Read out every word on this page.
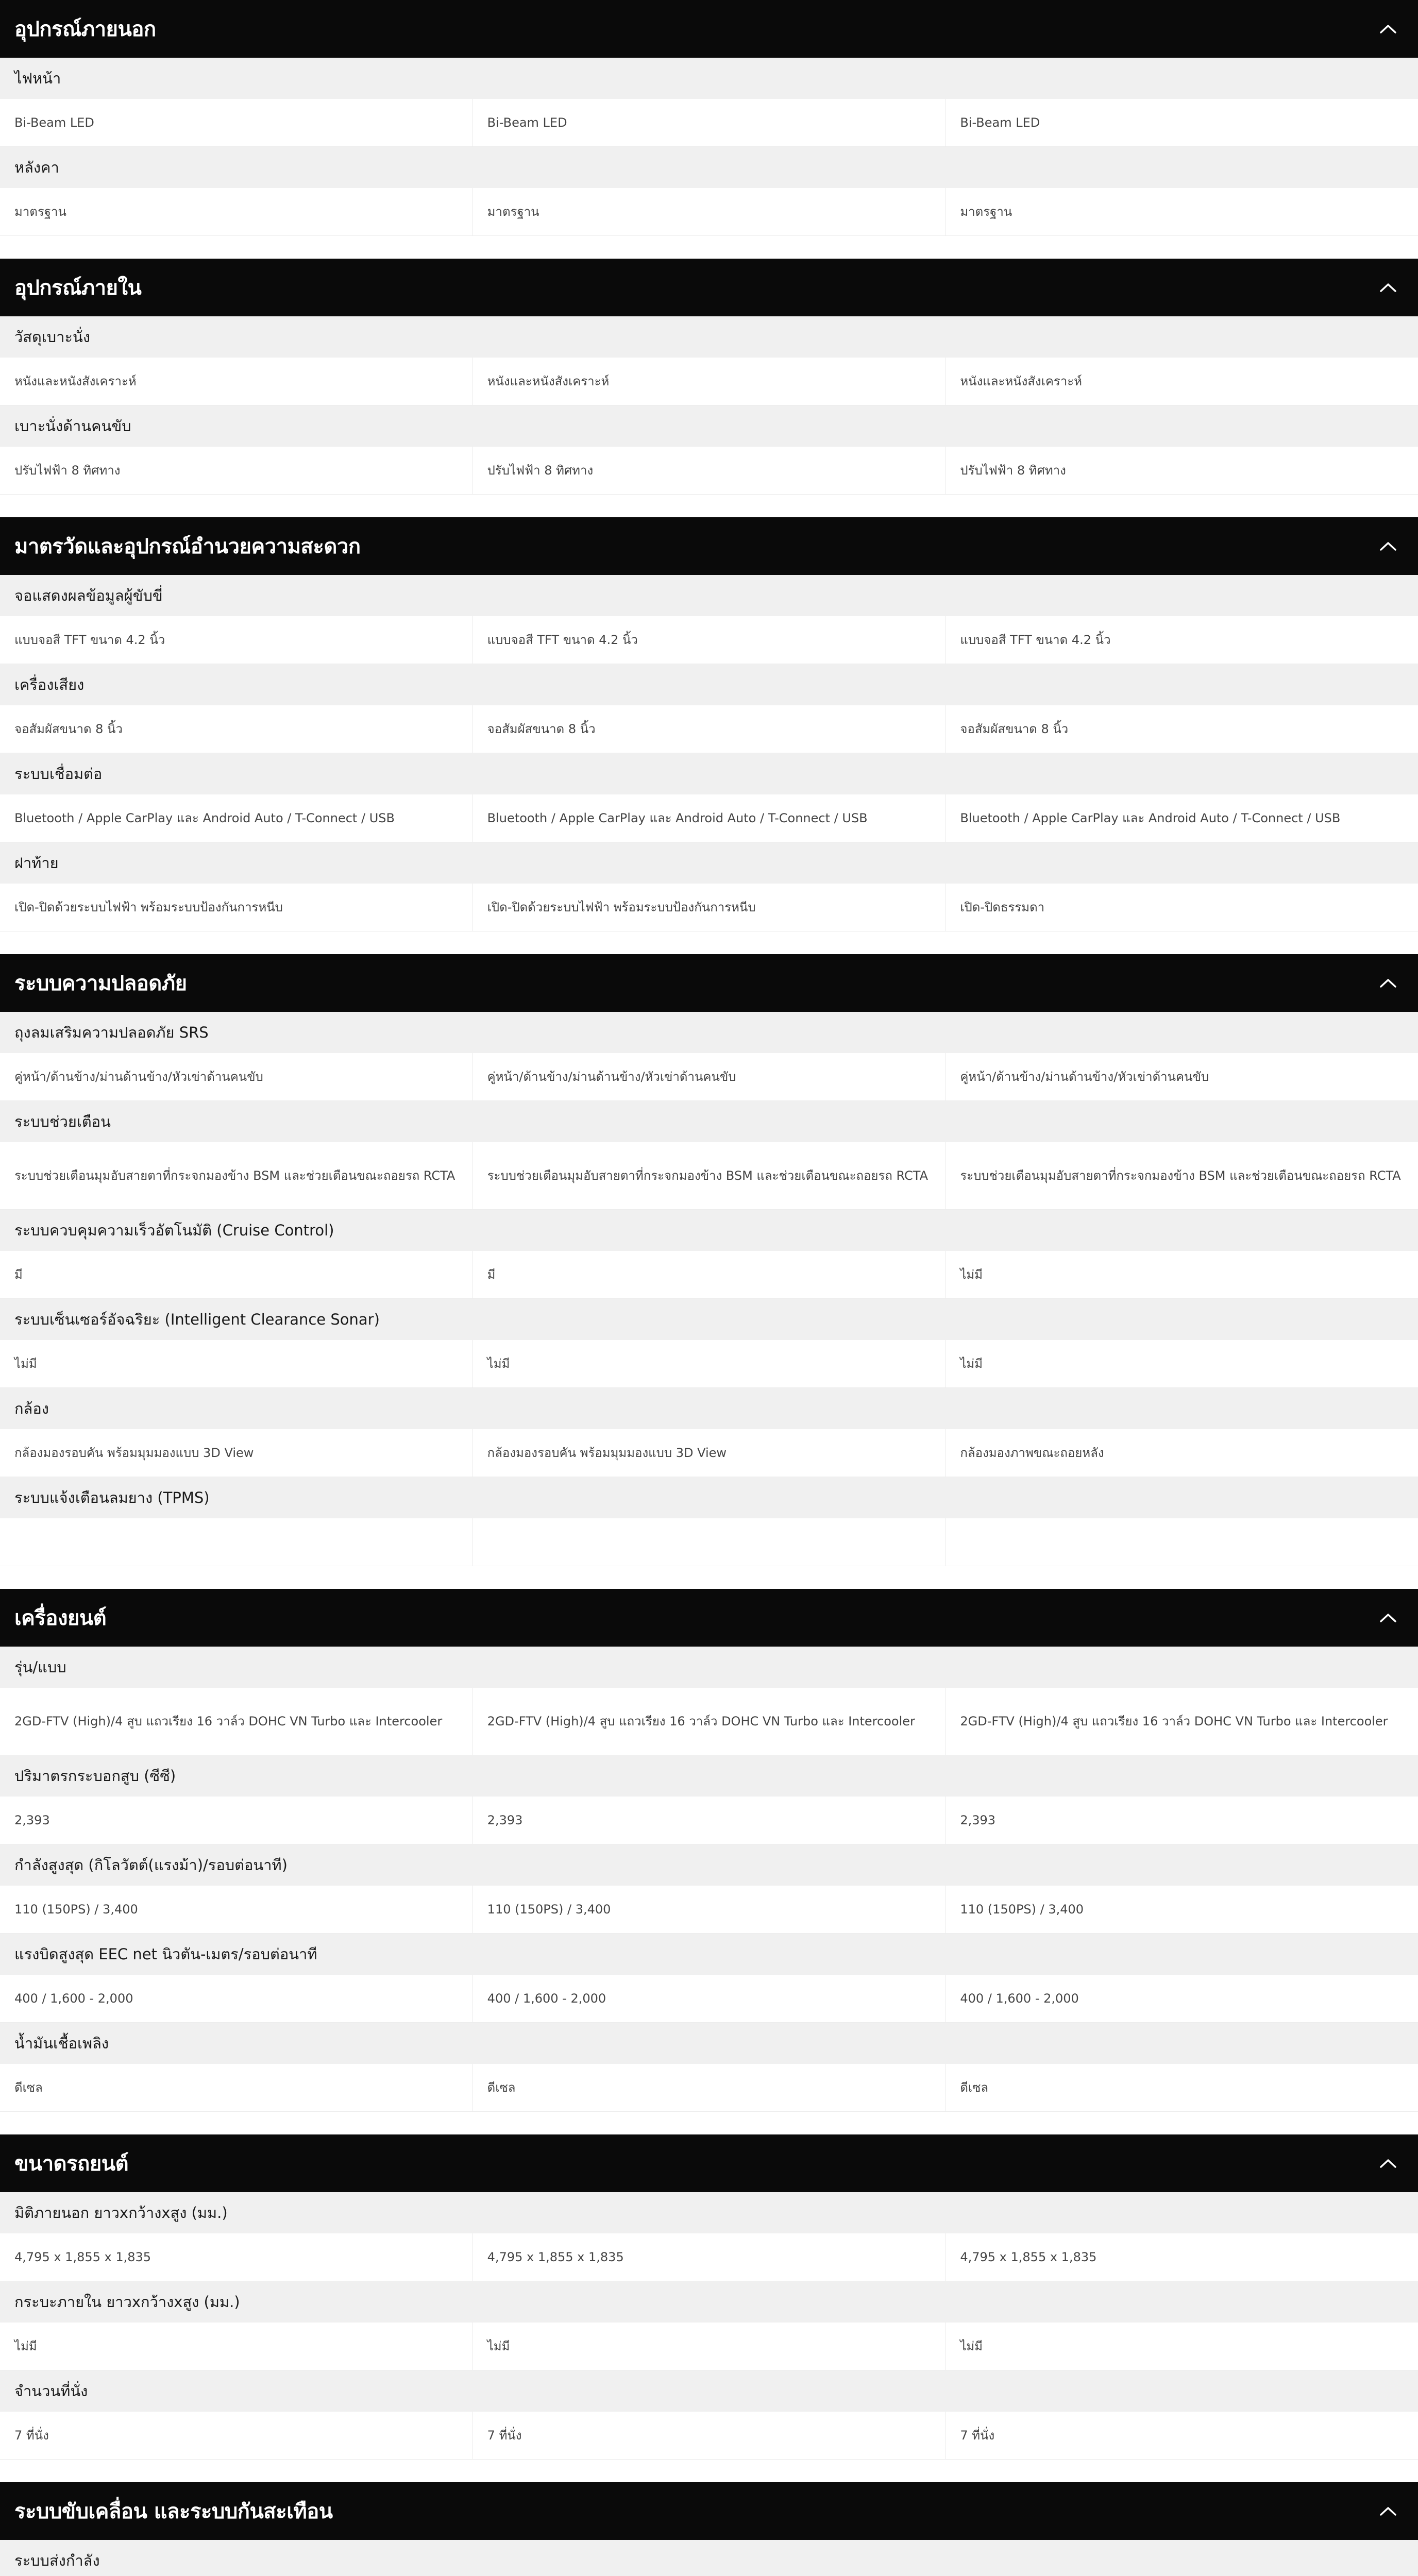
อุปกรณ์ภายนอก
ไฟหน้า
Bi-Beam LED	Bi-Beam LED	Bi-Beam LED
หลังคา
มาตรฐาน	มาตรฐาน	มาตรฐาน
อุปกรณ์ภายใน
วัสดุเบาะนั่ง
หนังและหนังสังเคราะห์	หนังและหนังสังเคราะห์	หนังและหนังสังเคราะห์
เบาะนั่งด้านคนขับ
ปรับไฟฟ้า 8 ทิศทาง	ปรับไฟฟ้า 8 ทิศทาง	ปรับไฟฟ้า 8 ทิศทาง
มาตรวัดและอุปกรณ์อำนวยความสะดวก
จอแสดงผลข้อมูลผู้ขับขี่
แบบจอสี TFT ขนาด 4.2 นิ้ว	แบบจอสี TFT ขนาด 4.2 นิ้ว	แบบจอสี TFT ขนาด 4.2 นิ้ว
เครื่องเสียง
จอสัมผัสขนาด 8 นิ้ว	จอสัมผัสขนาด 8 นิ้ว	จอสัมผัสขนาด 8 นิ้ว
ระบบเชื่อมต่อ
Bluetooth / Apple CarPlay และ Android Auto / T-Connect / USB	Bluetooth / Apple CarPlay และ Android Auto / T-Connect / USB	Bluetooth / Apple CarPlay และ Android Auto / T-Connect / USB
ฝาท้าย
เปิด-ปิดด้วยระบบไฟฟ้า พร้อมระบบป้องกันการหนีบ	เปิด-ปิดด้วยระบบไฟฟ้า พร้อมระบบป้องกันการหนีบ	เปิด-ปิดธรรมดา
ระบบความปลอดภัย
ถุงลมเสริมความปลอดภัย SRS
คู่หน้า/ด้านข้าง/ม่านด้านข้าง/หัวเข่าด้านคนขับ	คู่หน้า/ด้านข้าง/ม่านด้านข้าง/หัวเข่าด้านคนขับ	คู่หน้า/ด้านข้าง/ม่านด้านข้าง/หัวเข่าด้านคนขับ
ระบบช่วยเตือน
ระบบช่วยเตือนมุมอับสายตาที่กระจกมองข้าง BSM และช่วยเตือนขณะถอยรถ RCTA	ระบบช่วยเตือนมุมอับสายตาที่กระจกมองข้าง BSM และช่วยเตือนขณะถอยรถ RCTA	ระบบช่วยเตือนมุมอับสายตาที่กระจกมองข้าง BSM และช่วยเตือนขณะถอยรถ RCTA
ระบบควบคุมความเร็วอัตโนมัติ (Cruise Control)
มี	มี	ไม่มี
ระบบเซ็นเซอร์อัจฉริยะ (Intelligent Clearance Sonar)
ไม่มี	ไม่มี	ไม่มี
กล้อง
กล้องมองรอบคัน พร้อมมุมมองแบบ 3D View	กล้องมองรอบคัน พร้อมมุมมองแบบ 3D View	กล้องมองภาพขณะถอยหลัง
ระบบแจ้งเตือนลมยาง (TPMS)
เครื่องยนต์
รุ่น/แบบ
2GD-FTV (High)/4 สูบ แถวเรียง 16 วาล์ว DOHC VN Turbo และ Intercooler	2GD-FTV (High)/4 สูบ แถวเรียง 16 วาล์ว DOHC VN Turbo และ Intercooler	2GD-FTV (High)/4 สูบ แถวเรียง 16 วาล์ว DOHC VN Turbo และ Intercooler
ปริมาตรกระบอกสูบ (ซีซี)
2,393	2,393	2,393
กำลังสูงสุด (กิโลวัตต์(แรงม้า)/รอบต่อนาที)
110 (150PS) / 3,400	110 (150PS) / 3,400	110 (150PS) / 3,400
แรงบิดสูงสุด EEC net นิวตัน-เมตร/รอบต่อนาที
400 / 1,600 - 2,000	400 / 1,600 - 2,000	400 / 1,600 - 2,000
น้ำมันเชื้อเพลิง
ดีเซล	ดีเซล	ดีเซล
ขนาดรถยนต์
มิติภายนอก ยาวxกว้างxสูง (มม.)
4,795 x 1,855 x 1,835	4,795 x 1,855 x 1,835	4,795 x 1,855 x 1,835
กระบะภายใน ยาวxกว้างxสูง (มม.)
ไม่มี	ไม่มี	ไม่มี
จำนวนที่นั่ง
7 ที่นั่ง	7 ที่นั่ง	7 ที่นั่ง
ระบบขับเคลื่อน และระบบกันสะเทือน
ระบบส่งกำลัง
